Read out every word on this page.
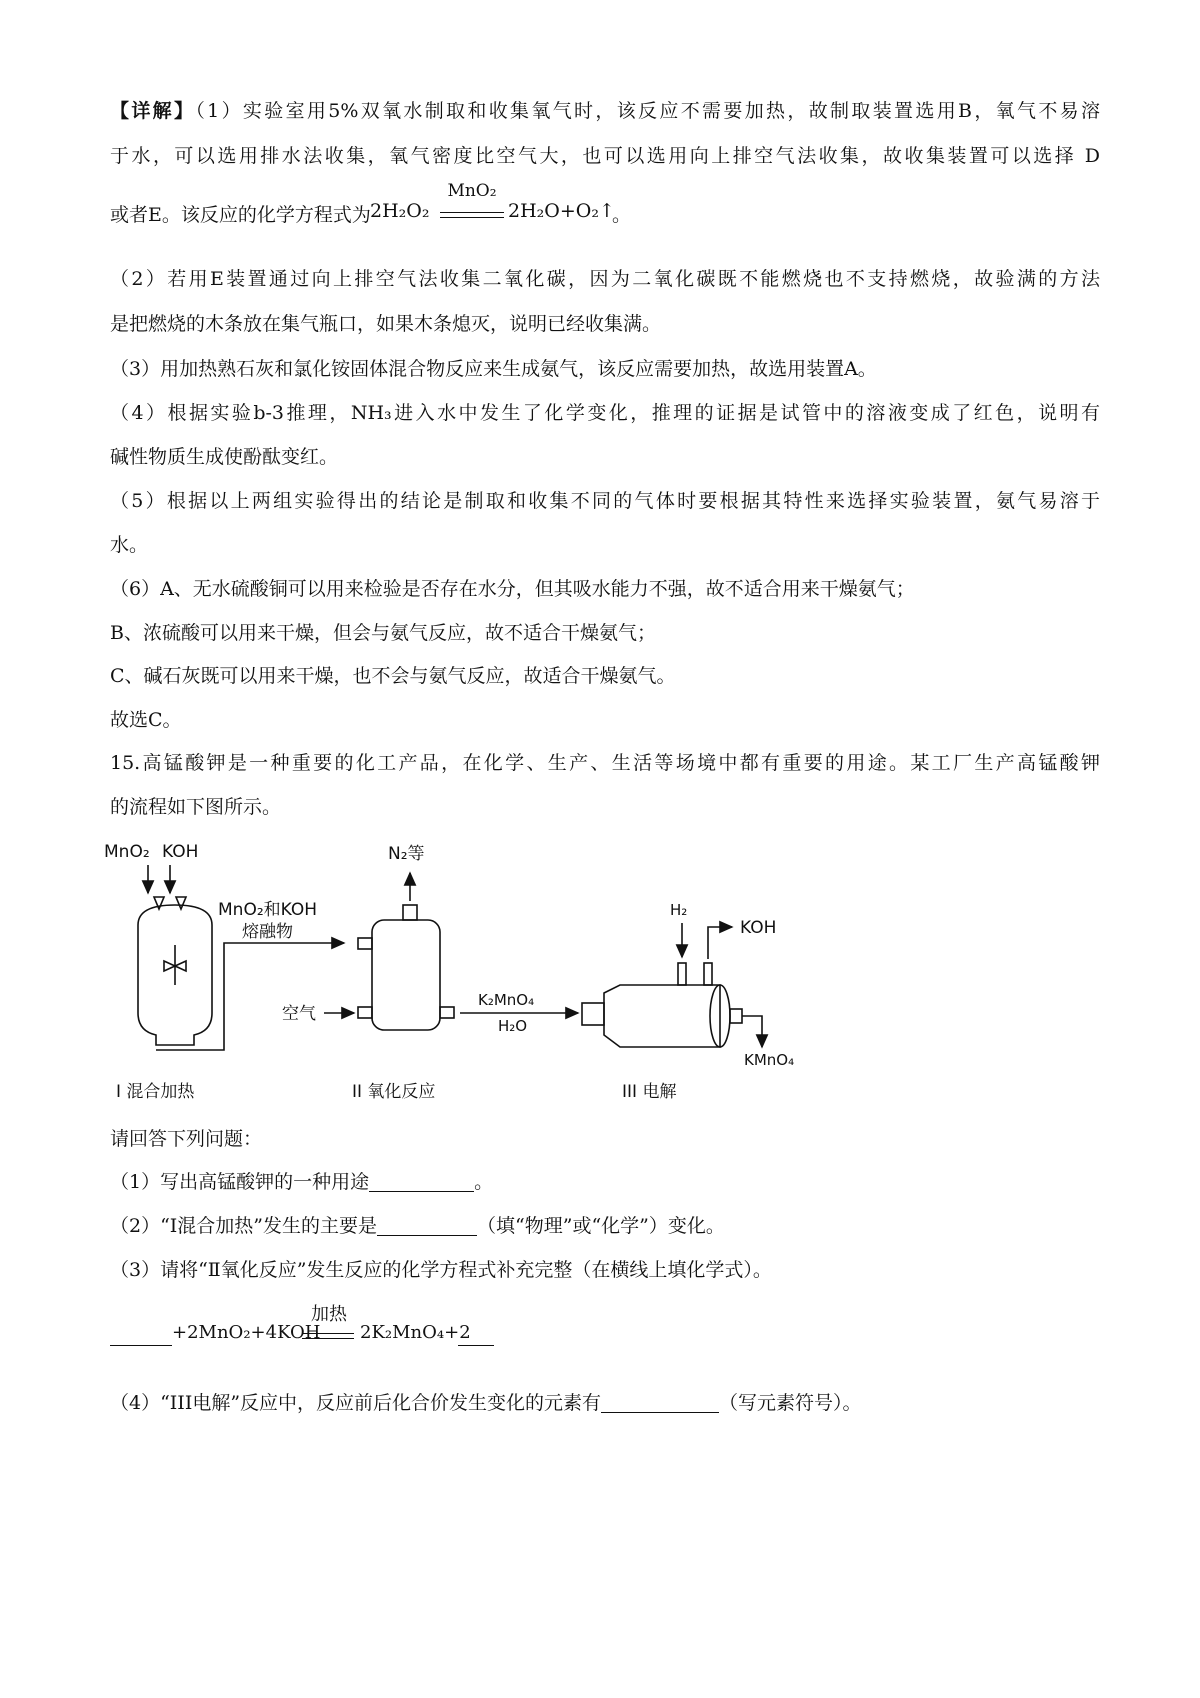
【详解】（1）实验室用5%双氧水制取和收集氧气时，该反应不需要加热，故制取装置选用B，氧气不易溶
于水，可以选用排水法收集，氧气密度比空气大，也可以选用向上排空气法收集，故收集装置可以选择 D
或者E。该反应的化学方程式为 2H₂O₂
MnO₂
2H₂O+O₂↑
。
（2）若用E装置通过向上排空气法收集二氧化碳，因为二氧化碳既不能燃烧也不支持燃烧，故验满的方法
是把燃烧的木条放在集气瓶口，如果木条熄灭，说明已经收集满。
（3）用加热熟石灰和氯化铵固体混合物反应来生成氨气，该反应需要加热，故选用装置A。
（4）根据实验b-3推理，NH₃进入水中发生了化学变化，推理的证据是试管中的溶液变成了红色，说明有
碱性物质生成使酚酞变红。
（5）根据以上两组实验得出的结论是制取和收集不同的气体时要根据其特性来选择实验装置，氨气易溶于
水。
（6）A、无水硫酸铜可以用来检验是否存在水分，但其吸水能力不强，故不适合用来干燥氨气；
B、浓硫酸可以用来干燥，但会与氨气反应，故不适合干燥氨气；
C、碱石灰既可以用来干燥，也不会与氨气反应，故适合干燥氨气。
故选C。
15.高锰酸钾是一种重要的化工产品，在化学、生产、生活等场境中都有重要的用途。某工厂生产高锰酸钾
的流程如下图所示。
MnO₂ KOH
MnO₂和KOH
熔融物
N₂等
空气
K₂MnO₄
H₂O
H₂
KOH
KMnO₄
I 混合加热	II 氧化反应	III 电解
请回答下列问题：
（1）写出高锰酸钾的一种用途	。
（2）“I混合加热”发生的主要是	（填“物理”或“化学”）变化。
（3）请将“Ⅱ氧化反应”发生反应的化学方程式补充完整（在横线上填化学式）。
+2MnO₂+4KOH
加热
2K₂MnO₄+2
（4）“III电解”反应中，反应前后化合价发生变化的元素有	（写元素符号）。
